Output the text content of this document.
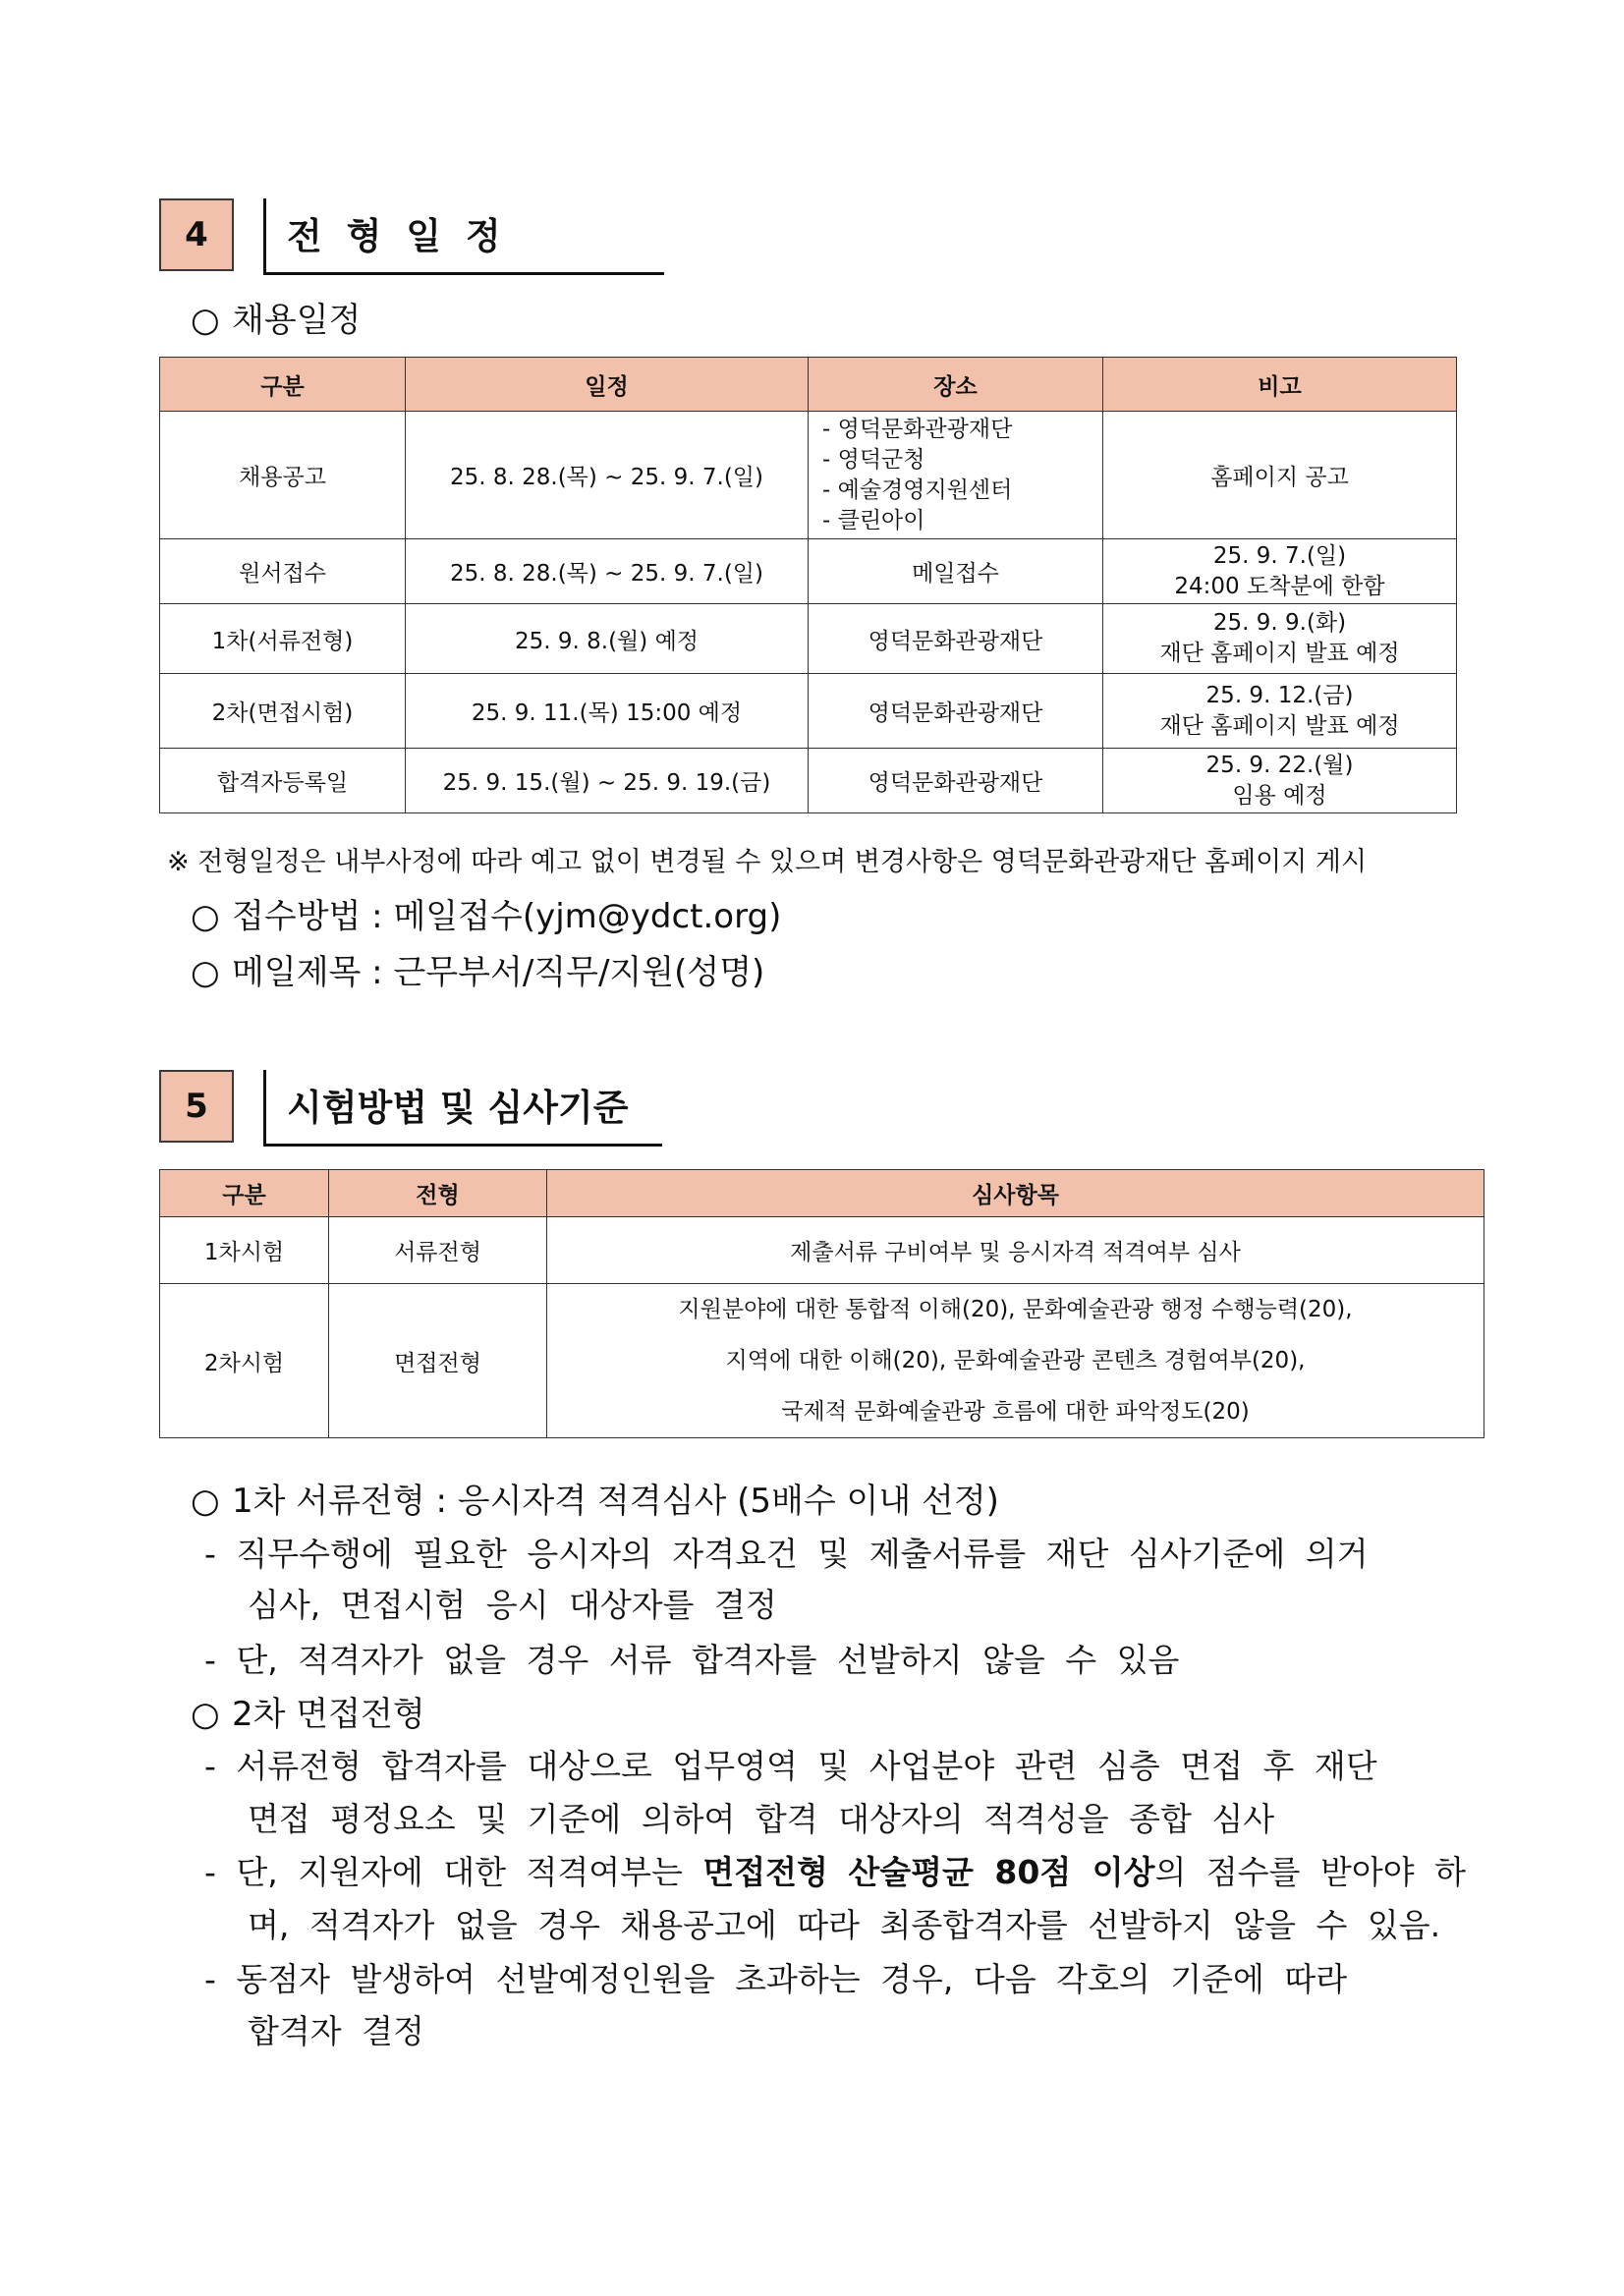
4	전 형 일 정
○ 채용일정
구분	일정	장소	비고
채용공고	25. 8. 28.(목) ~ 25. 9. 7.(일)	- 영덕문화관광재단
- 영덕군청
- 예술경영지원센터
- 클린아이	홈페이지 공고
원서접수	25. 8. 28.(목) ~ 25. 9. 7.(일)	메일접수	25. 9. 7.(일)
24:00 도착분에 한함

1차(서류전형)	25. 9. 8.(월) 예정	영덕문화관광재단	25. 9. 9.(화)
재단 홈페이지 발표 예정

2차(면접시험)	25. 9. 11.(목) 15:00 예정	영덕문화관광재단	25. 9. 12.(금)
재단 홈페이지 발표 예정

합격자등록일	25. 9. 15.(월) ~ 25. 9. 19.(금)	영덕문화관광재단	25. 9. 22.(월)
임용 예정
※ 전형일정은 내부사정에 따라 예고 없이 변경될 수 있으며 변경사항은 영덕문화관광재단 홈페이지 게시
○ 접수방법 : 메일접수(yjm@ydct.org)
○ 메일제목 : 근무부서/직무/지원(성명)
5	시험방법 및 심사기준
구분	전형	심사항목
1차시험	서류전형	제출서류 구비여부 및 응시자격 적격여부 심사
2차시험	면접전형	지원분야에 대한 통합적 이해(20), 문화예술관광 행정 수행능력(20),
지역에 대한 이해(20), 문화예술관광 콘텐츠 경험여부(20),
국제적 문화예술관광 흐름에 대한 파악정도(20)
○ 1차 서류전형 : 응시자격 적격심사 (5배수 이내 선정)
- 직무수행에 필요한 응시자의 자격요건 및 제출서류를 재단 심사기준에 의거
심사, 면접시험 응시 대상자를 결정
- 단, 적격자가 없을 경우 서류 합격자를 선발하지 않을 수 있음
○ 2차 면접전형
- 서류전형 합격자를 대상으로 업무영역 및 사업분야 관련 심층 면접 후 재단
면접 평정요소 및 기준에 의하여 합격 대상자의 적격성을 종합 심사
- 단, 지원자에 대한 적격여부는 면접전형 산술평균 80점 이상의 점수를 받아야 하
며, 적격자가 없을 경우 채용공고에 따라 최종합격자를 선발하지 않을 수 있음.
- 동점자 발생하여 선발예정인원을 초과하는 경우, 다음 각호의 기준에 따라
합격자 결정
